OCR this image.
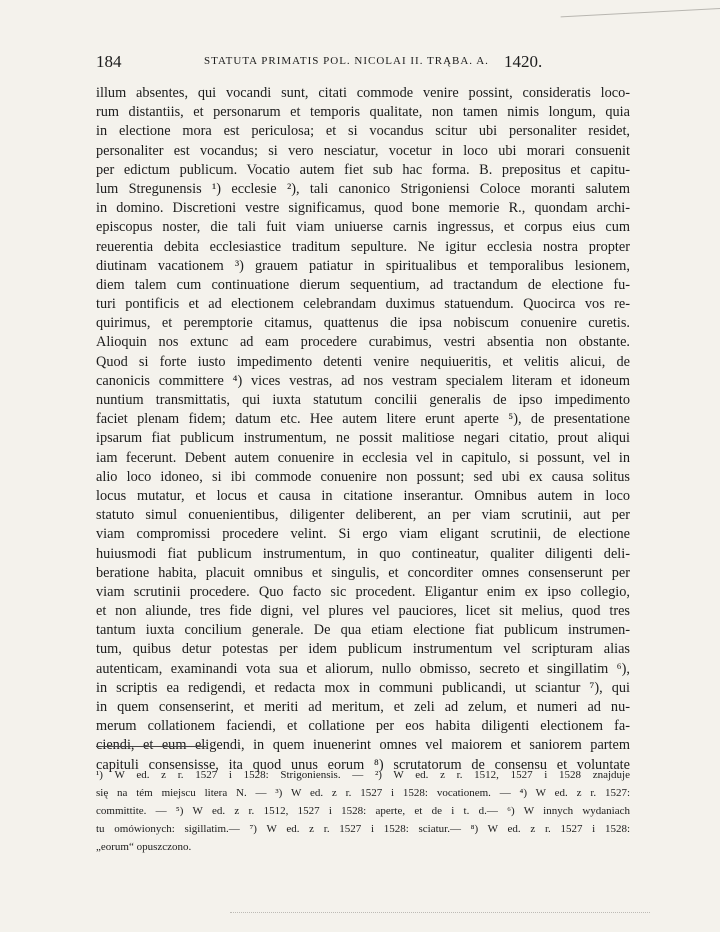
184	STATUTA PRIMATIS POL. NICOLAI II. TRĄBA. A. 1420.
illum absentes, qui vocandi sunt, citati commode venire possint, consideratis loco-
rum distantiis, et personarum et temporis qualitate, non tamen nimis longum, quia
in electione mora est periculosa; et si vocandus scitur ubi personaliter residet,
personaliter est vocandus; si vero nesciatur, vocetur in loco ubi morari consuenit
per edictum publicum. Vocatio autem fiet sub hac forma. B. prepositus et capitu-
lum Stregunensis ¹) ecclesie ²), tali canonico Strigoniensi Coloce moranti salutem
in domino. Discretioni vestre significamus, quod bone memorie R., quondam archi-
episcopus noster, die tali fuit viam uniuerse carnis ingressus, et corpus eius cum
reuerentia debita ecclesiastice traditum sepulture. Ne igitur ecclesia nostra propter
diutinam vacationem ³) grauem patiatur in spiritualibus et temporalibus lesionem,
diem talem cum continuatione dierum sequentium, ad tractandum de electione fu-
turi pontificis et ad electionem celebrandam duximus statuendum. Quocirca vos re-
quirimus, et peremptorie citamus, quattenus die ipsa nobiscum conuenire curetis.
Alioquin nos extunc ad eam procedere curabimus, vestri absentia non obstante.
Quod si forte iusto impedimento detenti venire nequiueritis, et velitis alicui, de
canonicis committere ⁴) vices vestras, ad nos vestram specialem literam et idoneum
nuntium transmittatis, qui iuxta statutum concilii generalis de ipso impedimento
faciet plenam fidem; datum etc. Hee autem litere erunt aperte ⁵), de presentatione
ipsarum fiat publicum instrumentum, ne possit malitiose negari citatio, prout aliqui
iam fecerunt. Debent autem conuenire in ecclesia vel in capitulo, si possunt, vel in
alio loco idoneo, si ibi commode conuenire non possunt; sed ubi ex causa solitus
locus mutatur, et locus et causa in citatione inserantur. Omnibus autem in loco
statuto simul conuenientibus, diligenter deliberent, an per viam scrutinii, aut per
viam compromissi procedere velint. Si ergo viam eligant scrutinii, de electione
huiusmodi fiat publicum instrumentum, in quo contineatur, qualiter diligenti deli-
beratione habita, placuit omnibus et singulis, et concorditer omnes consenserunt per
viam scrutinii procedere. Quo facto sic procedent. Eligantur enim ex ipso collegio,
et non aliunde, tres fide digni, vel plures vel pauciores, licet sit melius, quod tres
tantum iuxta concilium generale. De qua etiam electione fiat publicum instrumen-
tum, quibus detur potestas per idem publicum instrumentum vel scripturam alias
autenticam, examinandi vota sua et aliorum, nullo obmisso, secreto et singillatim ⁶),
in scriptis ea redigendi, et redacta mox in communi publicandi, ut sciantur ⁷), qui
in quem consenserint, et meriti ad meritum, et zeli ad zelum, et numeri ad nu-
merum collationem faciendi, et collatione per eos habita diligenti electionem fa-
ciendi, et eum eligendi, in quem inuenerint omnes vel maiorem et saniorem partem
capituli consensisse, ita quod unus eorum ⁸) scrutatorum de consensu et voluntate
¹) W ed. z r. 1527 i 1528: Strigoniensis. — ²) W ed. z r. 1512, 1527 i 1528 znajduje
się na tém miejscu litera N. — ³) W ed. z r. 1527 i 1528: vocationem. — ⁴) W ed. z r. 1527:
committite. — ⁵) W ed. z r. 1512, 1527 i 1528: aperte, et de i t. d.— ⁶) W innych wydaniach
tu omówionych: sigillatim.— ⁷) W ed. z r. 1527 i 1528: sciatur.— ⁸) W ed. z r. 1527 i 1528:
„eorum“ opuszczono.
